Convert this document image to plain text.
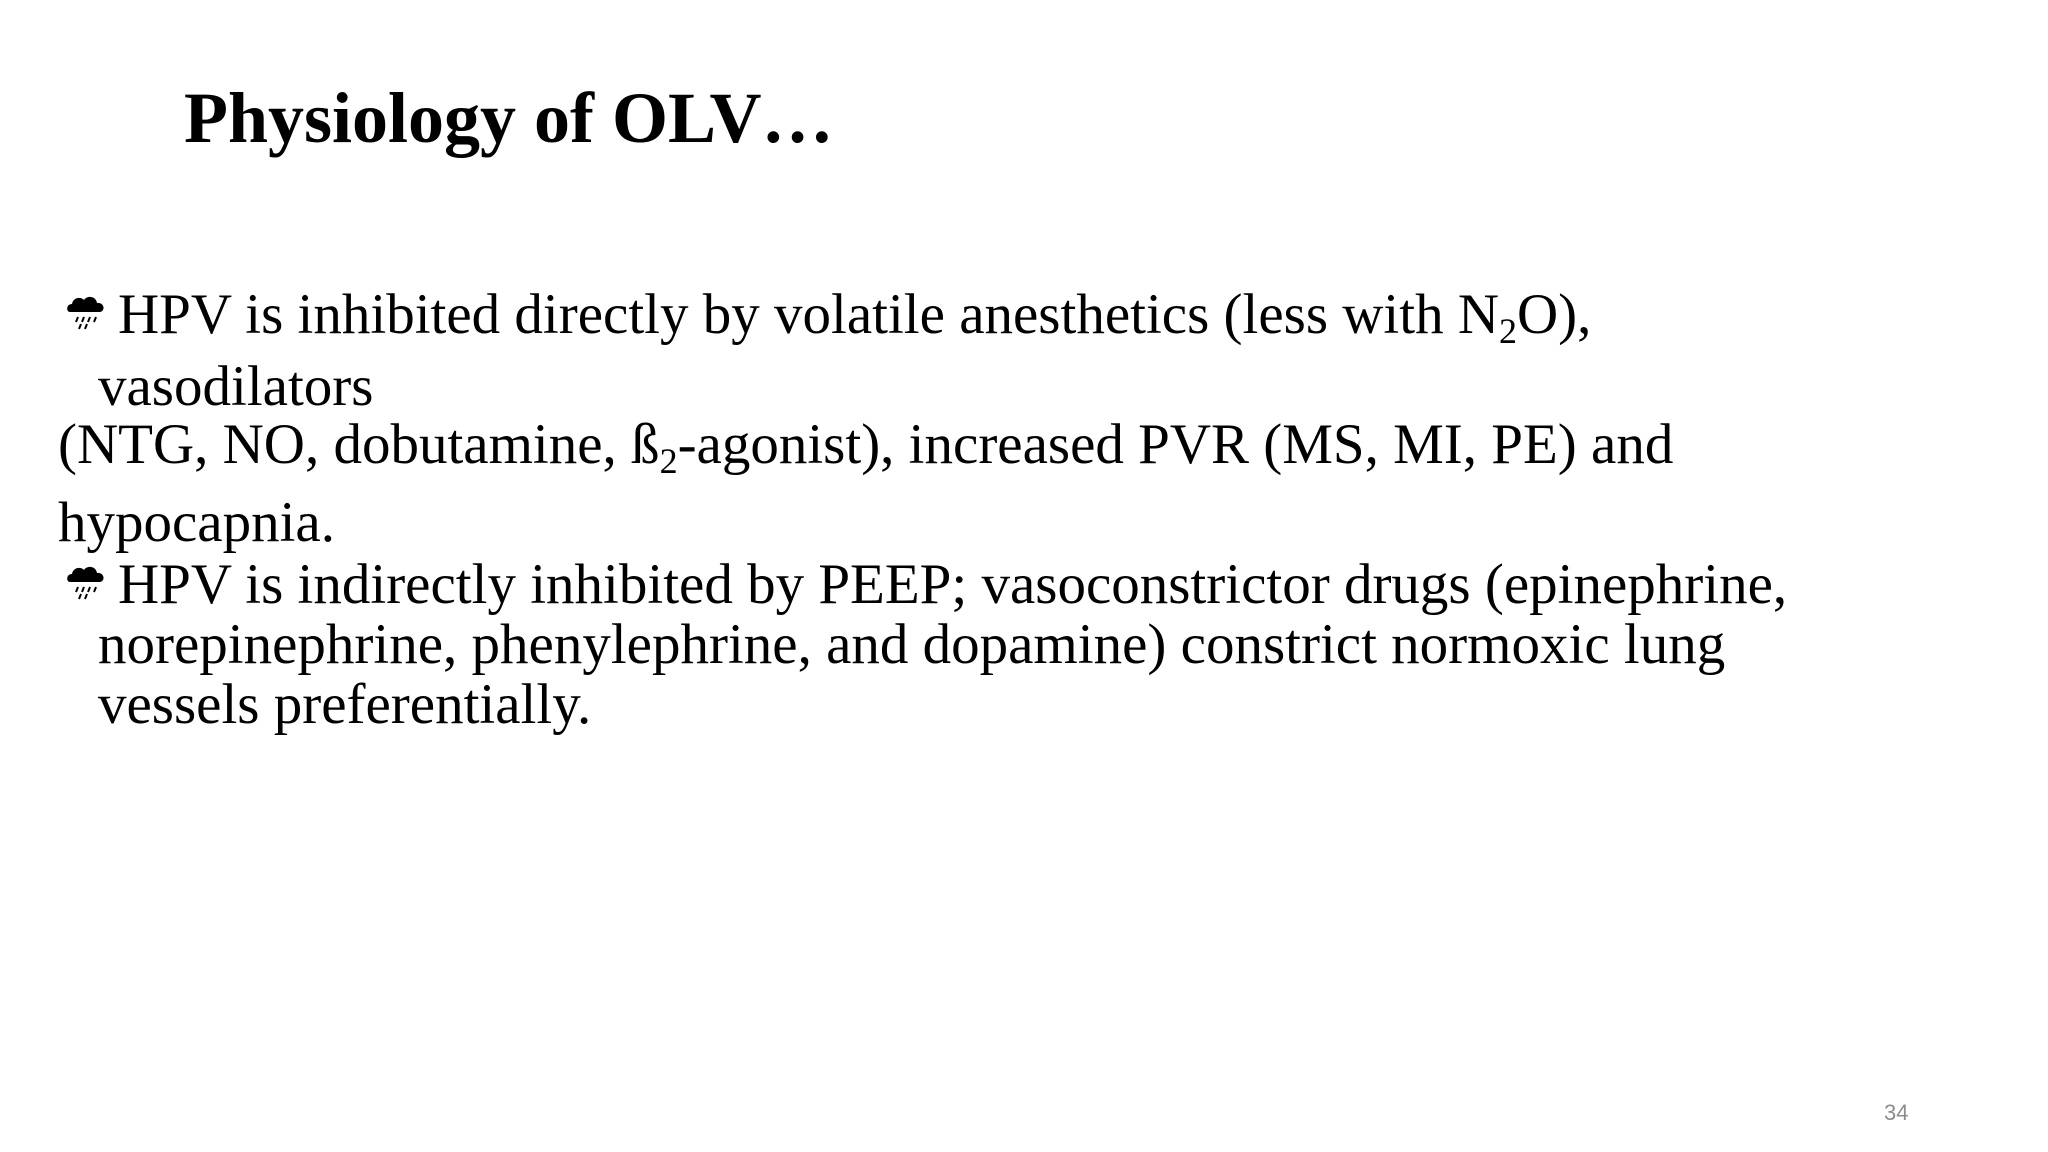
Physiology of OLV…
HPV is inhibited directly by volatile anesthetics (less with $N_2O$),
vasodilators
(NTG, NO, dobutamine, $ß_2-agonist$), increased PVR (MS, MI, PE) and
hypocapnia.
HPV is indirectly inhibited by PEEP; vasoconstrictor drugs (epinephrine,
norepinephrine, phenylephrine, and dopamine) constrict normoxic lung
vessels preferentially.
34
